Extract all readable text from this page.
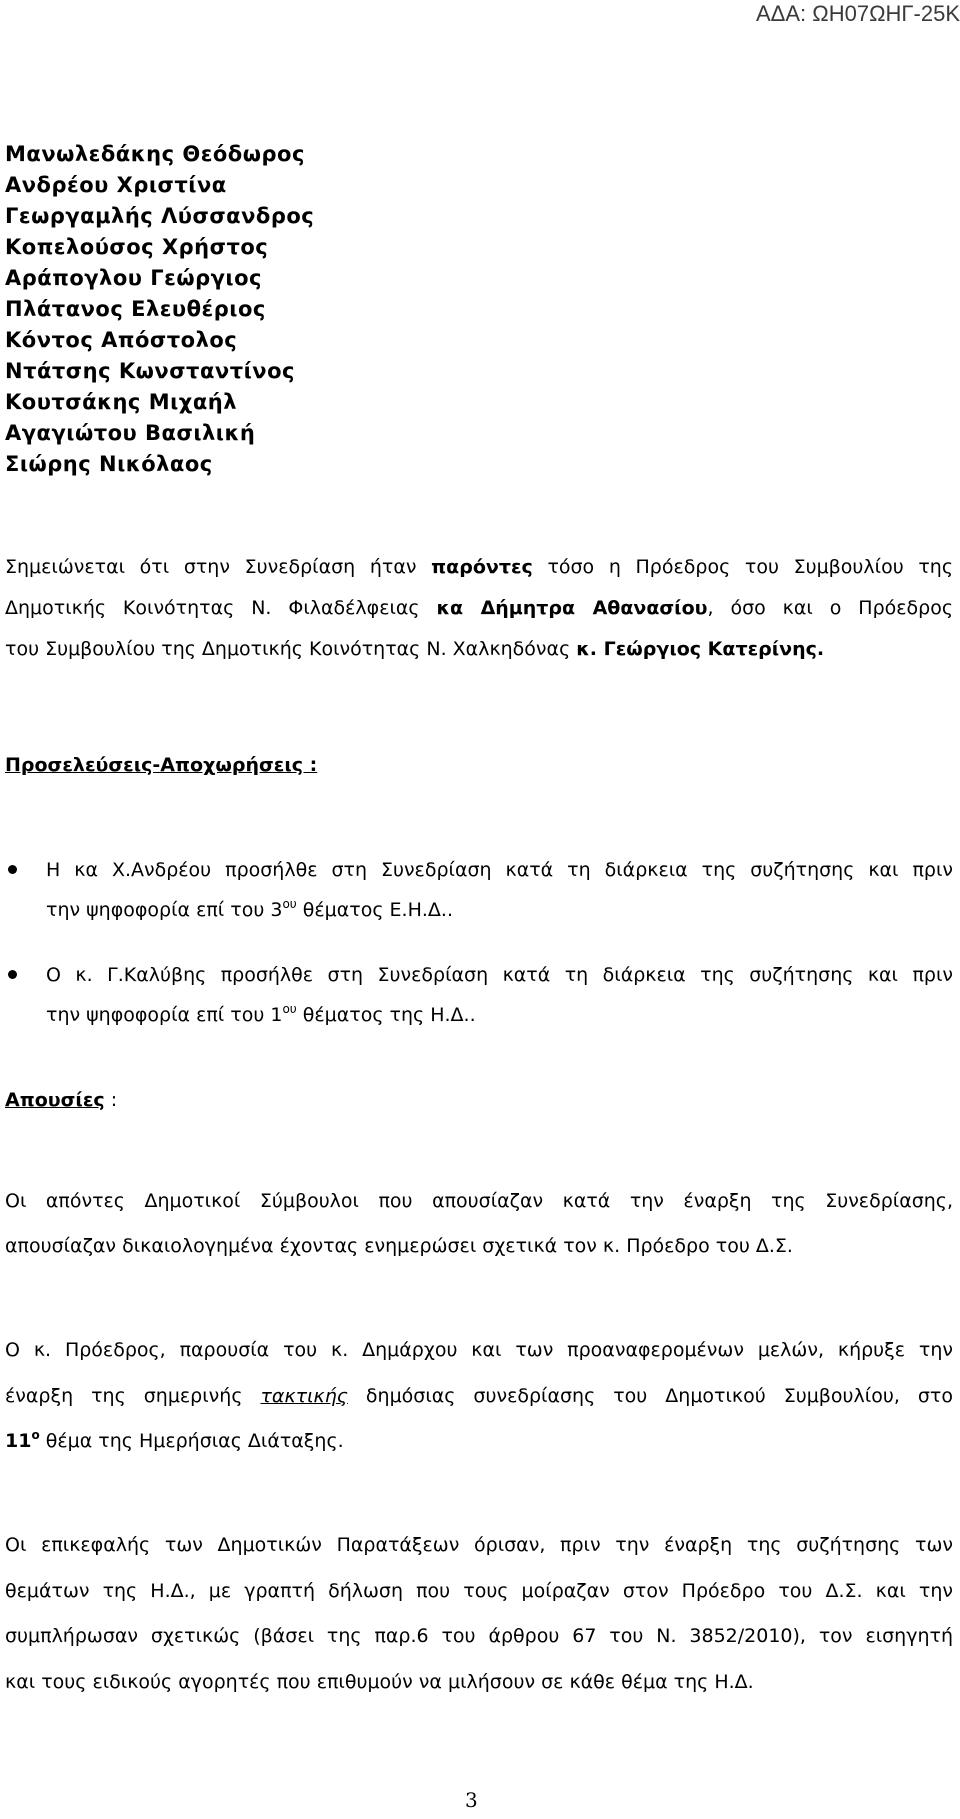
ΑΔΑ: ΩΗ07ΩΗΓ-25Κ
Μανωλεδάκης Θεόδωρος
Ανδρέου Χριστίνα
Γεωργαμλής Λύσσανδρος
Κοπελούσος Χρήστος
Αράπογλου Γεώργιος
Πλάτανος Ελευθέριος
Κόντος Απόστολος
Ντάτσης Κωνσταντίνος
Κουτσάκης Μιχαήλ
Αγαγιώτου Βασιλική
Σιώρης Νικόλαος
Σημειώνεται ότι στην Συνεδρίαση ήταν παρόντες τόσο η Πρόεδρος του Συμβουλίου της
Δημοτικής Κοινότητας Ν. Φιλαδέλφειας κα Δήμητρα Αθανασίου, όσο και ο Πρόεδρος
του Συμβουλίου της Δημοτικής Κοινότητας Ν. Χαλκηδόνας κ. Γεώργιος Κατερίνης.
Προσελεύσεις-Αποχωρήσεις :
Η κα Χ.Ανδρέου προσήλθε στη Συνεδρίαση κατά τη διάρκεια της συζήτησης και πριν
την ψηφοφορία επί του $3^{o\upsilon}$ θέματος Ε.Η.Δ..
Ο κ. Γ.Καλύβης προσήλθε στη Συνεδρίαση κατά τη διάρκεια της συζήτησης και πριν
την ψηφοφορία επί του $1^{o\upsilon}$ θέματος της Η.Δ..
Απουσίες :
Οι απόντες Δημοτικοί Σύμβουλοι που απουσίαζαν κατά την έναρξη της Συνεδρίασης,
απουσίαζαν δικαιολογημένα έχοντας ενημερώσει σχετικά τον κ. Πρόεδρο του Δ.Σ.
Ο κ. Πρόεδρος, παρουσία του κ. Δημάρχου και των προαναφερομένων μελών, κήρυξε την
έναρξη της σημερινής τακτικής δημόσιας συνεδρίασης του Δημοτικού Συμβουλίου, στο
$11^o$ θέμα της Ημερήσιας Διάταξης.
Οι επικεφαλής των Δημοτικών Παρατάξεων όρισαν, πριν την έναρξη της συζήτησης των
θεμάτων της Η.Δ., με γραπτή δήλωση που τους μοίραζαν στον Πρόεδρο του Δ.Σ. και την
συμπλήρωσαν σχετικώς (βάσει της παρ.6 του άρθρου 67 του Ν. 3852/2010), τον εισηγητή
και τους ειδικούς αγορητές που επιθυμούν να μιλήσουν σε κάθε θέμα της Η.Δ.
3
